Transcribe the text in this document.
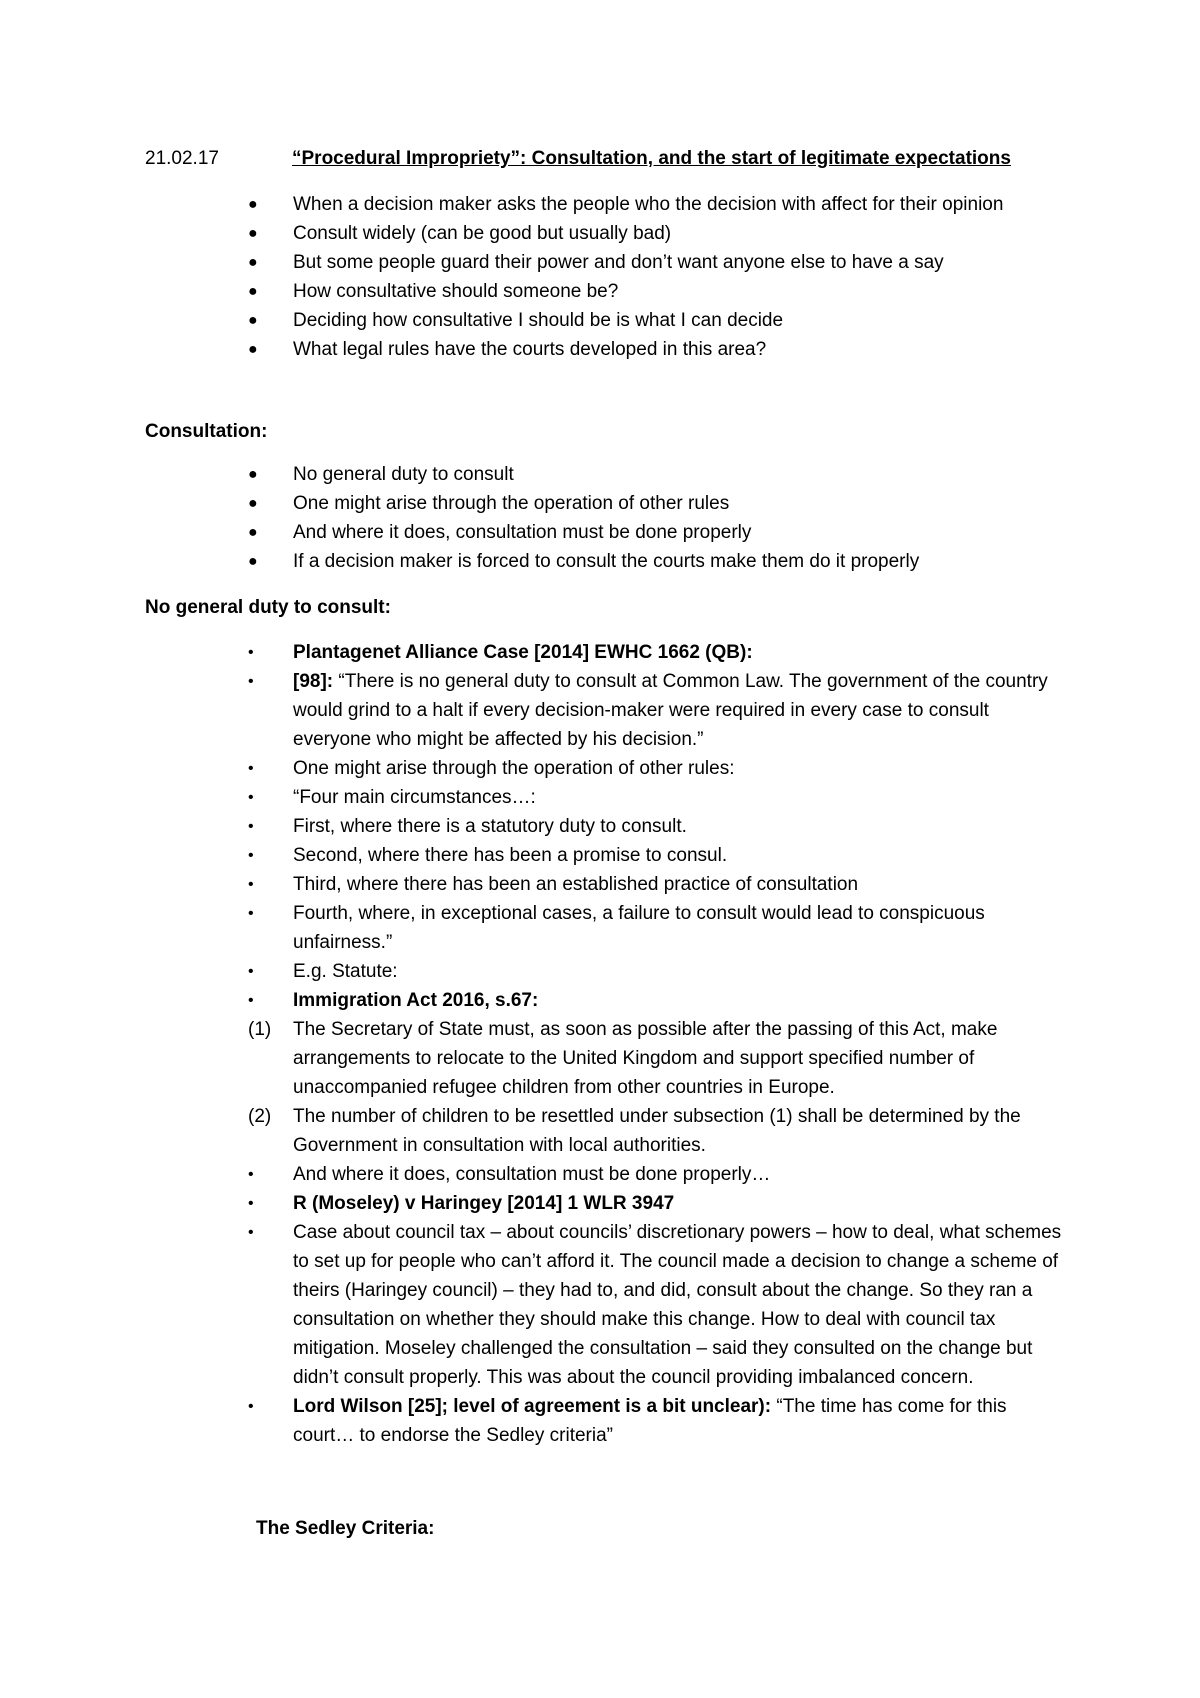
21.02.17	“Procedural Impropriety”: Consultation, and the start of legitimate expectations
●	When a decision maker asks the people who the decision with affect for their opinion
●	Consult widely (can be good but usually bad)
●	But some people guard their power and don’t want anyone else to have a say
●	How consultative should someone be?
●	Deciding how consultative I should be is what I can decide
●	What legal rules have the courts developed in this area?
Consultation:
●	No general duty to consult
●	One might arise through the operation of other rules
●	And where it does, consultation must be done properly
●	If a decision maker is forced to consult the courts make them do it properly
No general duty to consult:
•	Plantagenet Alliance Case [2014] EWHC 1662 (QB):
•	[98]: “There is no general duty to consult at Common Law. The government of the country would grind to a halt if every decision-maker were required in every case to consult everyone who might be affected by his decision.”
•	One might arise through the operation of other rules:
•	“Four main circumstances…:
•	First, where there is a statutory duty to consult.
•	Second, where there has been a promise to consul.
•	Third, where there has been an established practice of consultation
•	Fourth, where, in exceptional cases, a failure to consult would lead to conspicuous unfairness.”
•	E.g. Statute:
•	Immigration Act 2016, s.67:
(1)	The Secretary of State must, as soon as possible after the passing of this Act, make arrangements to relocate to the United Kingdom and support specified number of unaccompanied refugee children from other countries in Europe.
(2)	The number of children to be resettled under subsection (1) shall be determined by the Government in consultation with local authorities.
•	And where it does, consultation must be done properly…
•	R (Moseley) v Haringey [2014] 1 WLR 3947
•	Case about council tax – about councils’ discretionary powers – how to deal, what schemes to set up for people who can’t afford it. The council made a decision to change a scheme of theirs (Haringey council) – they had to, and did, consult about the change. So they ran a consultation on whether they should make this change. How to deal with council tax mitigation. Moseley challenged the consultation – said they consulted on the change but didn’t consult properly. This was about the council providing imbalanced concern.
•	Lord Wilson [25]; level of agreement is a bit unclear): “The time has come for this court… to endorse the Sedley criteria”
The Sedley Criteria:
